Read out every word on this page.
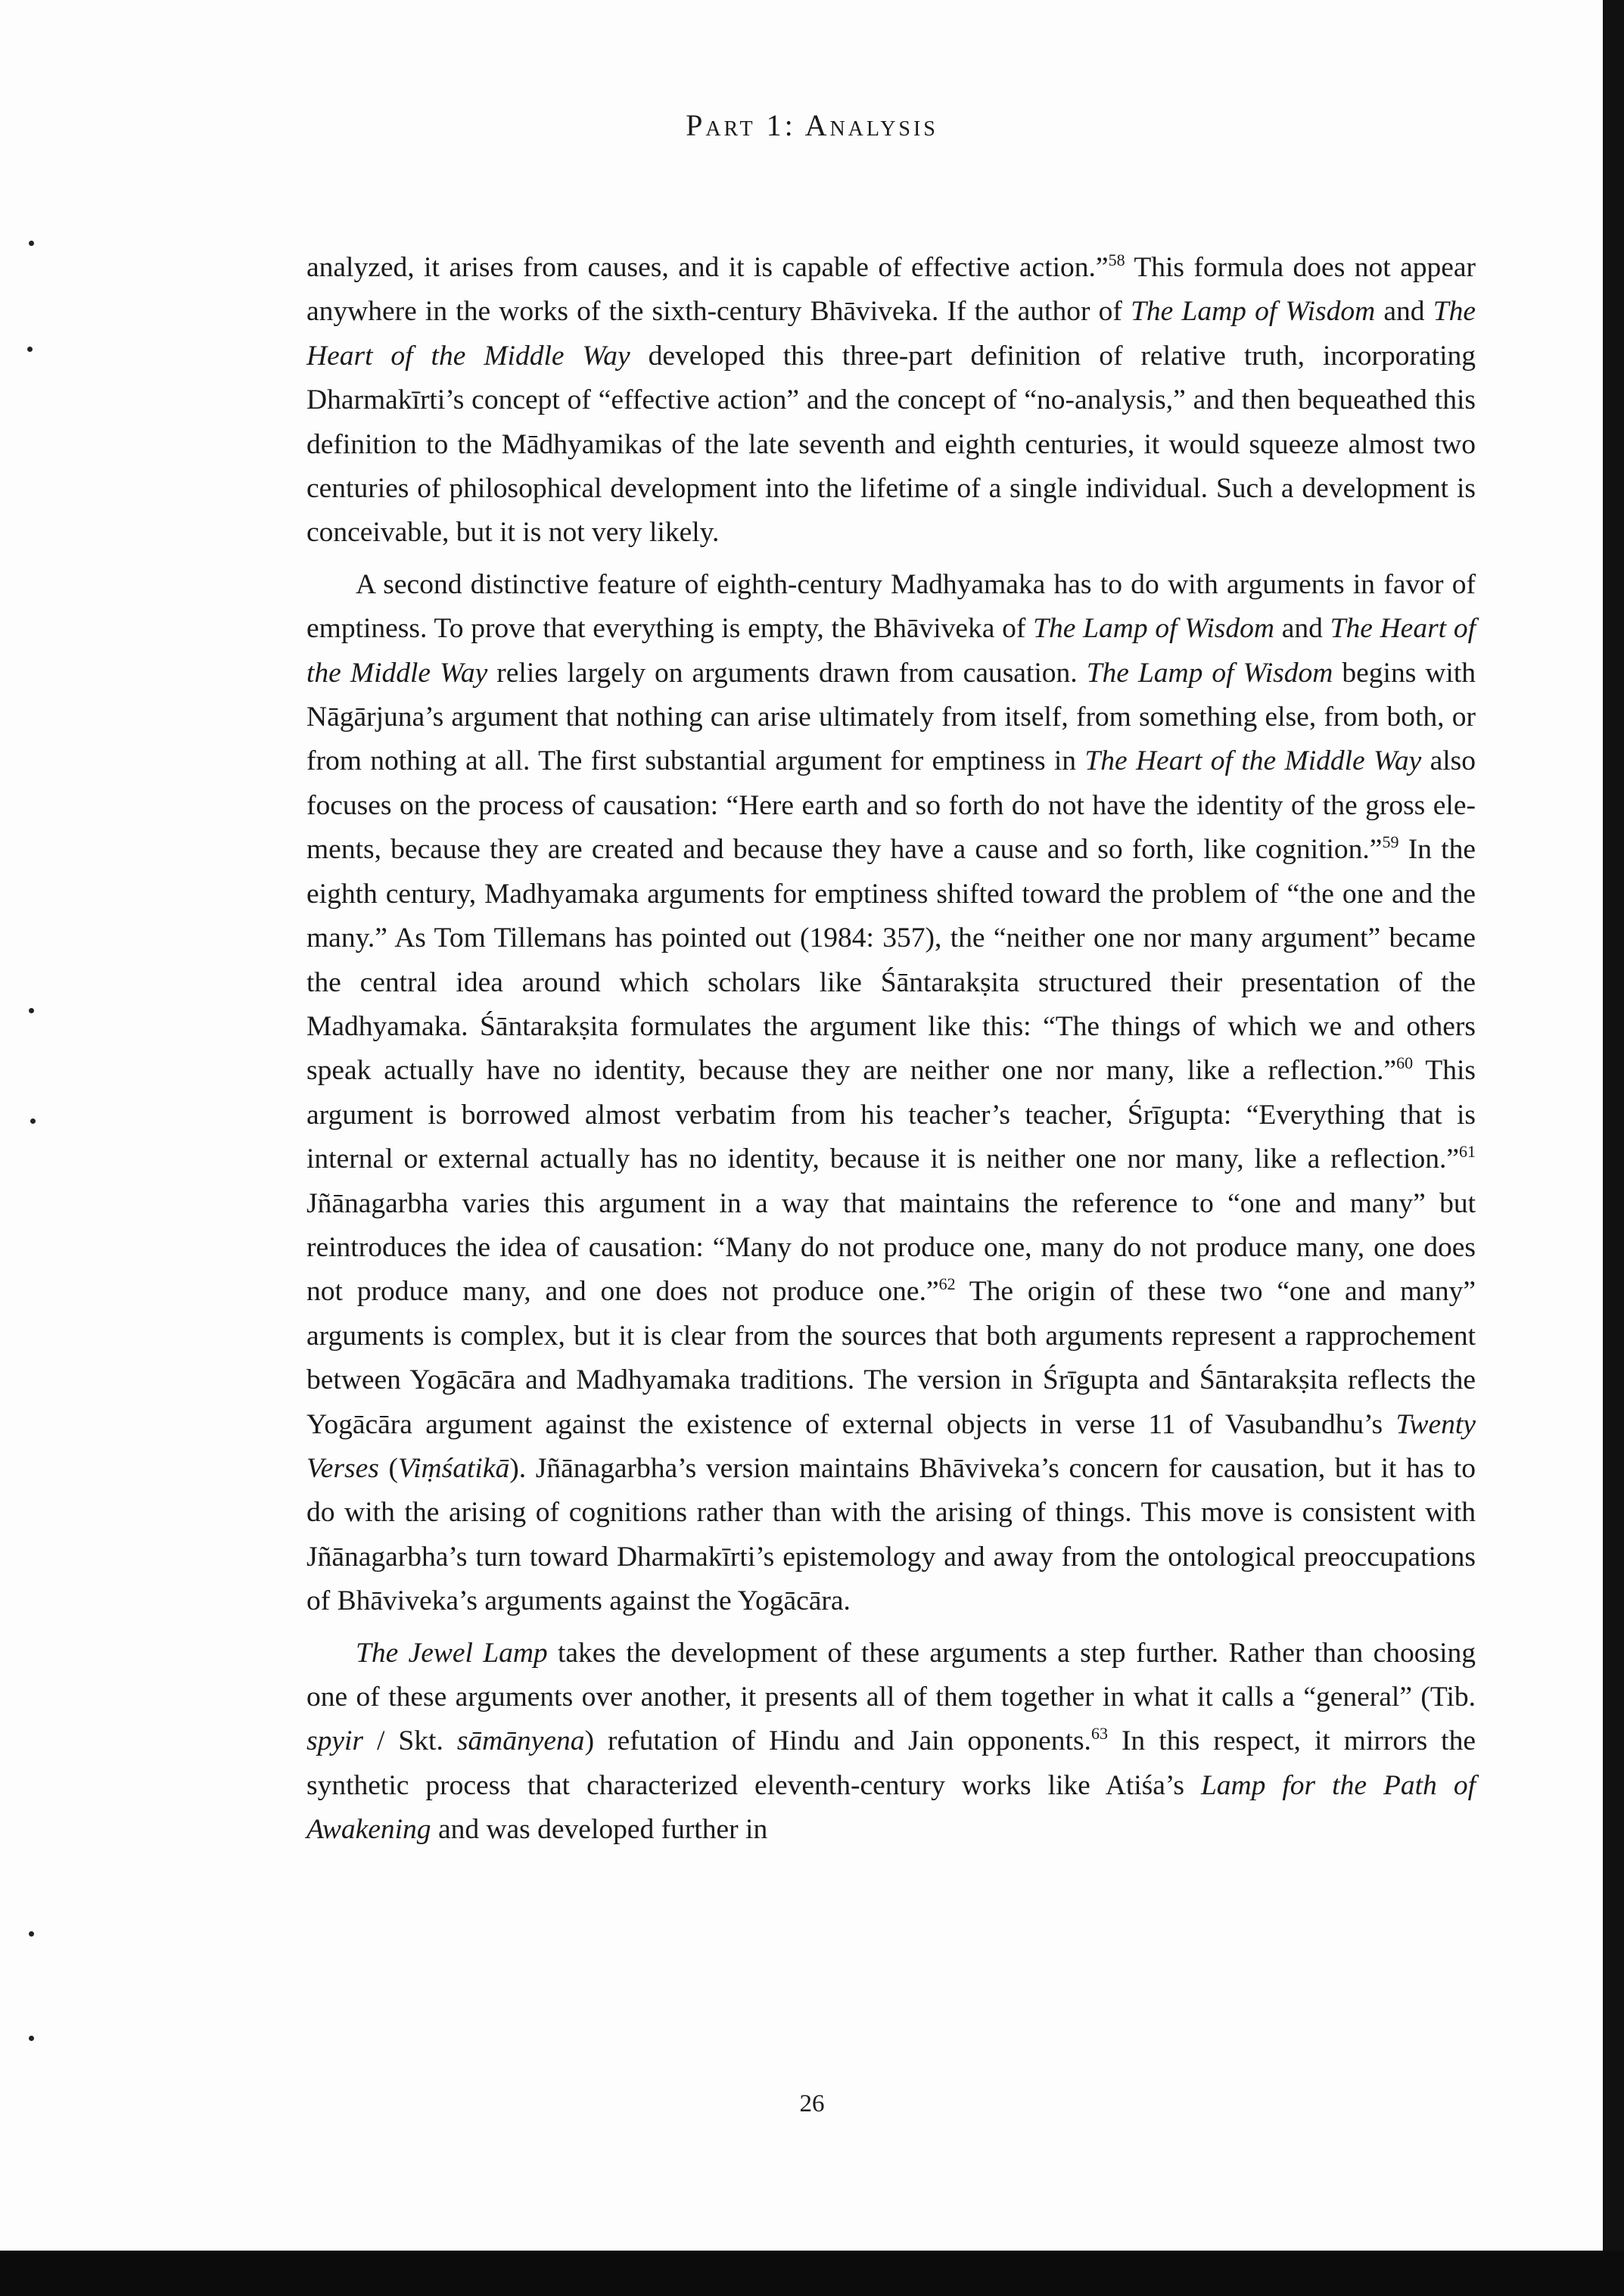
Part 1: Analysis

analyzed, it arises from causes, and it is capable of effective action.”$^{58}$ This formula does not appear anywhere in the works of the sixth-century Bhāviveka. If the author of The Lamp of Wisdom and The Heart of the Middle Way developed this three-part definition of relative truth, incorporating Dharmakīrti’s concept of “effective action” and the concept of “no-analysis,” and then bequeathed this definition to the Mādhyamikas of the late seventh and eighth centuries, it would squeeze almost two centuries of philosophical development into the lifetime of a single individual. Such a development is conceivable, but it is not very likely.

A second distinctive feature of eighth-century Madhyamaka has to do with arguments in favor of emptiness. To prove that everything is empty, the Bhāviveka of The Lamp of Wisdom and The Heart of the Middle Way relies largely on arguments drawn from causation. The Lamp of Wisdom begins with Nāgārjuna’s argument that nothing can arise ultimately from itself, from something else, from both, or from nothing at all. The first substantial argument for emptiness in The Heart of the Middle Way also focuses on the process of causation: “Here earth and so forth do not have the identity of the gross elements, because they are created and because they have a cause and so forth, like cognition.”$^{59}$ In the eighth century, Madhyamaka arguments for emptiness shifted toward the problem of “the one and the many.” As Tom Tillemans has pointed out (1984: 357), the “neither one nor many argument” became the central idea around which scholars like Śāntarakṣita structured their presentation of the Madhyamaka. Śāntarakṣita formulates the argument like this: “The things of which we and others speak actually have no identity, because they are neither one nor many, like a reflection.”$^{60}$ This argument is borrowed almost verbatim from his teacher’s teacher, Śrīgupta: “Everything that is internal or external actually has no identity, because it is neither one nor many, like a reflection.”$^{61}$ Jñānagarbha varies this argument in a way that maintains the reference to “one and many” but reintroduces the idea of causation: “Many do not produce one, many do not produce many, one does not produce many, and one does not produce one.”$^{62}$ The origin of these two “one and many” arguments is complex, but it is clear from the sources that both arguments represent a rapprochement between Yogācāra and Madhyamaka traditions. The version in Śrīgupta and Śāntarakṣita reflects the Yogācāra argument against the existence of external objects in verse 11 of Vasubandhu’s Twenty Verses (Viṃśatikā). Jñānagarbha’s version maintains Bhāviveka’s concern for causation, but it has to do with the arising of cognitions rather than with the arising of things. This move is consistent with Jñānagarbha’s turn toward Dharmakīrti’s epistemology and away from the ontological preoccupations of Bhāviveka’s arguments against the Yogācāra.

The Jewel Lamp takes the development of these arguments a step further. Rather than choosing one of these arguments over another, it presents all of them together in what it calls a “general” (Tib. spyir / Skt. sāmānyena) refutation of Hindu and Jain opponents.$^{63}$ In this respect, it mirrors the synthetic process that characterized eleventh-century works like Atiśa’s Lamp for the Path of Awakening and was developed further in

26
